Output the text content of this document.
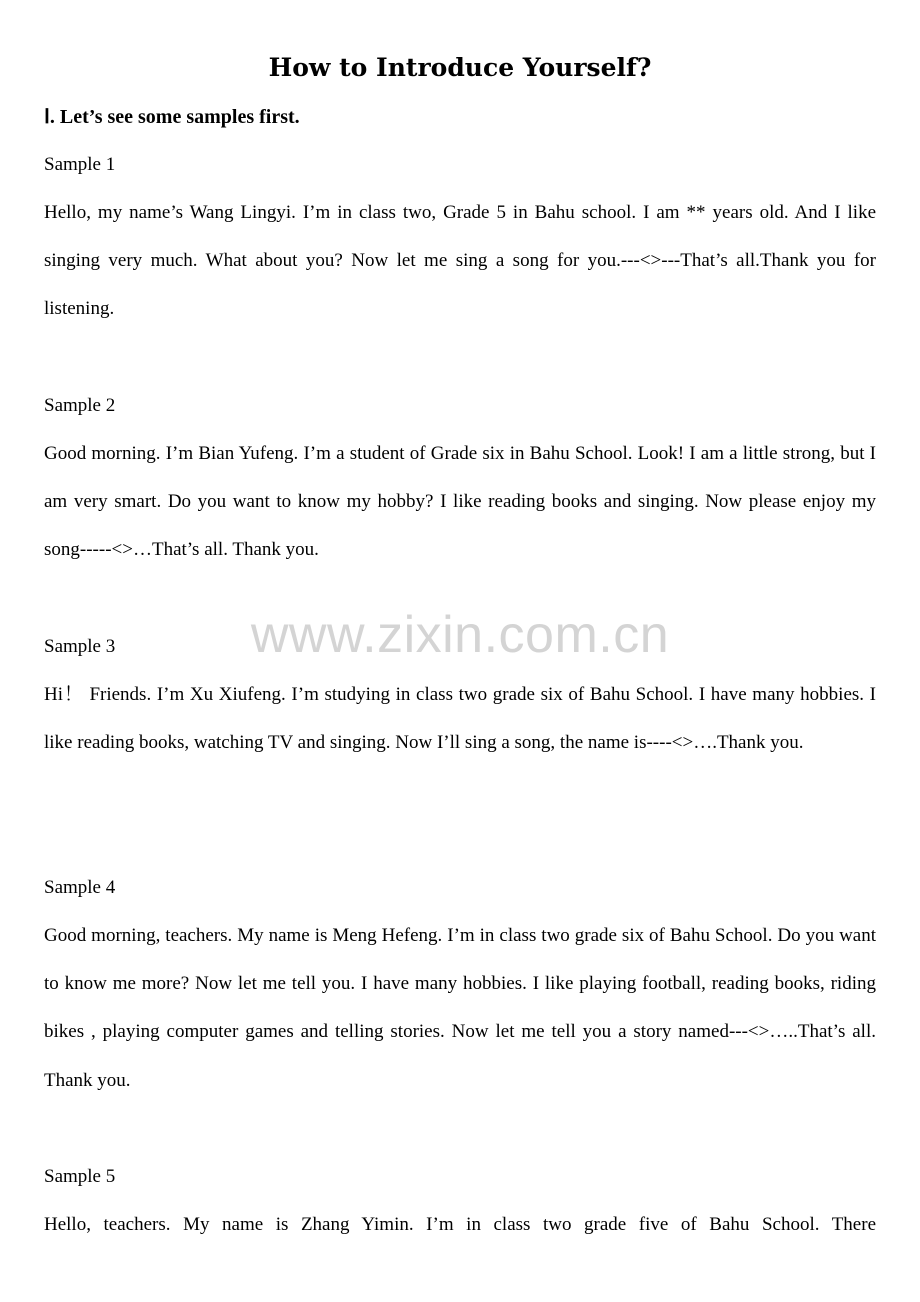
How to Introduce Yourself?
Ⅰ. Let’s see some samples first.
Sample 1

Hello, my name’s Wang Lingyi. I’m in class two, Grade 5 in Bahu school. I am ** years old. And I like singing very much. What about you? Now let me sing a song for you.---<>---That’s all.Thank you for listening.

Sample 2

Good morning. I’m Bian Yufeng. I’m a student of Grade six in Bahu School. Look! I am a little strong, but I am very smart. Do you want to know my hobby? I like reading books and singing. Now please enjoy my song-----<>…That’s all. Thank you.

Sample 3

Hi！ Friends. I’m Xu Xiufeng. I’m studying in class two grade six of Bahu School. I have many hobbies. I like reading books, watching TV and singing. Now I’ll sing a song, the name is----<>….Thank you.

Sample 4

Good morning, teachers. My name is Meng Hefeng. I’m in class two grade six of Bahu School. Do you want to know me more? Now let me tell you. I have many hobbies. I like playing football, reading books, riding bikes , playing computer games and telling stories. Now let me tell you a story named---<>…..That’s all. Thank you.

Sample 5

Hello, teachers. My name is Zhang Yimin. I’m in class two grade five of Bahu School. There

www.zixin.com.cn
